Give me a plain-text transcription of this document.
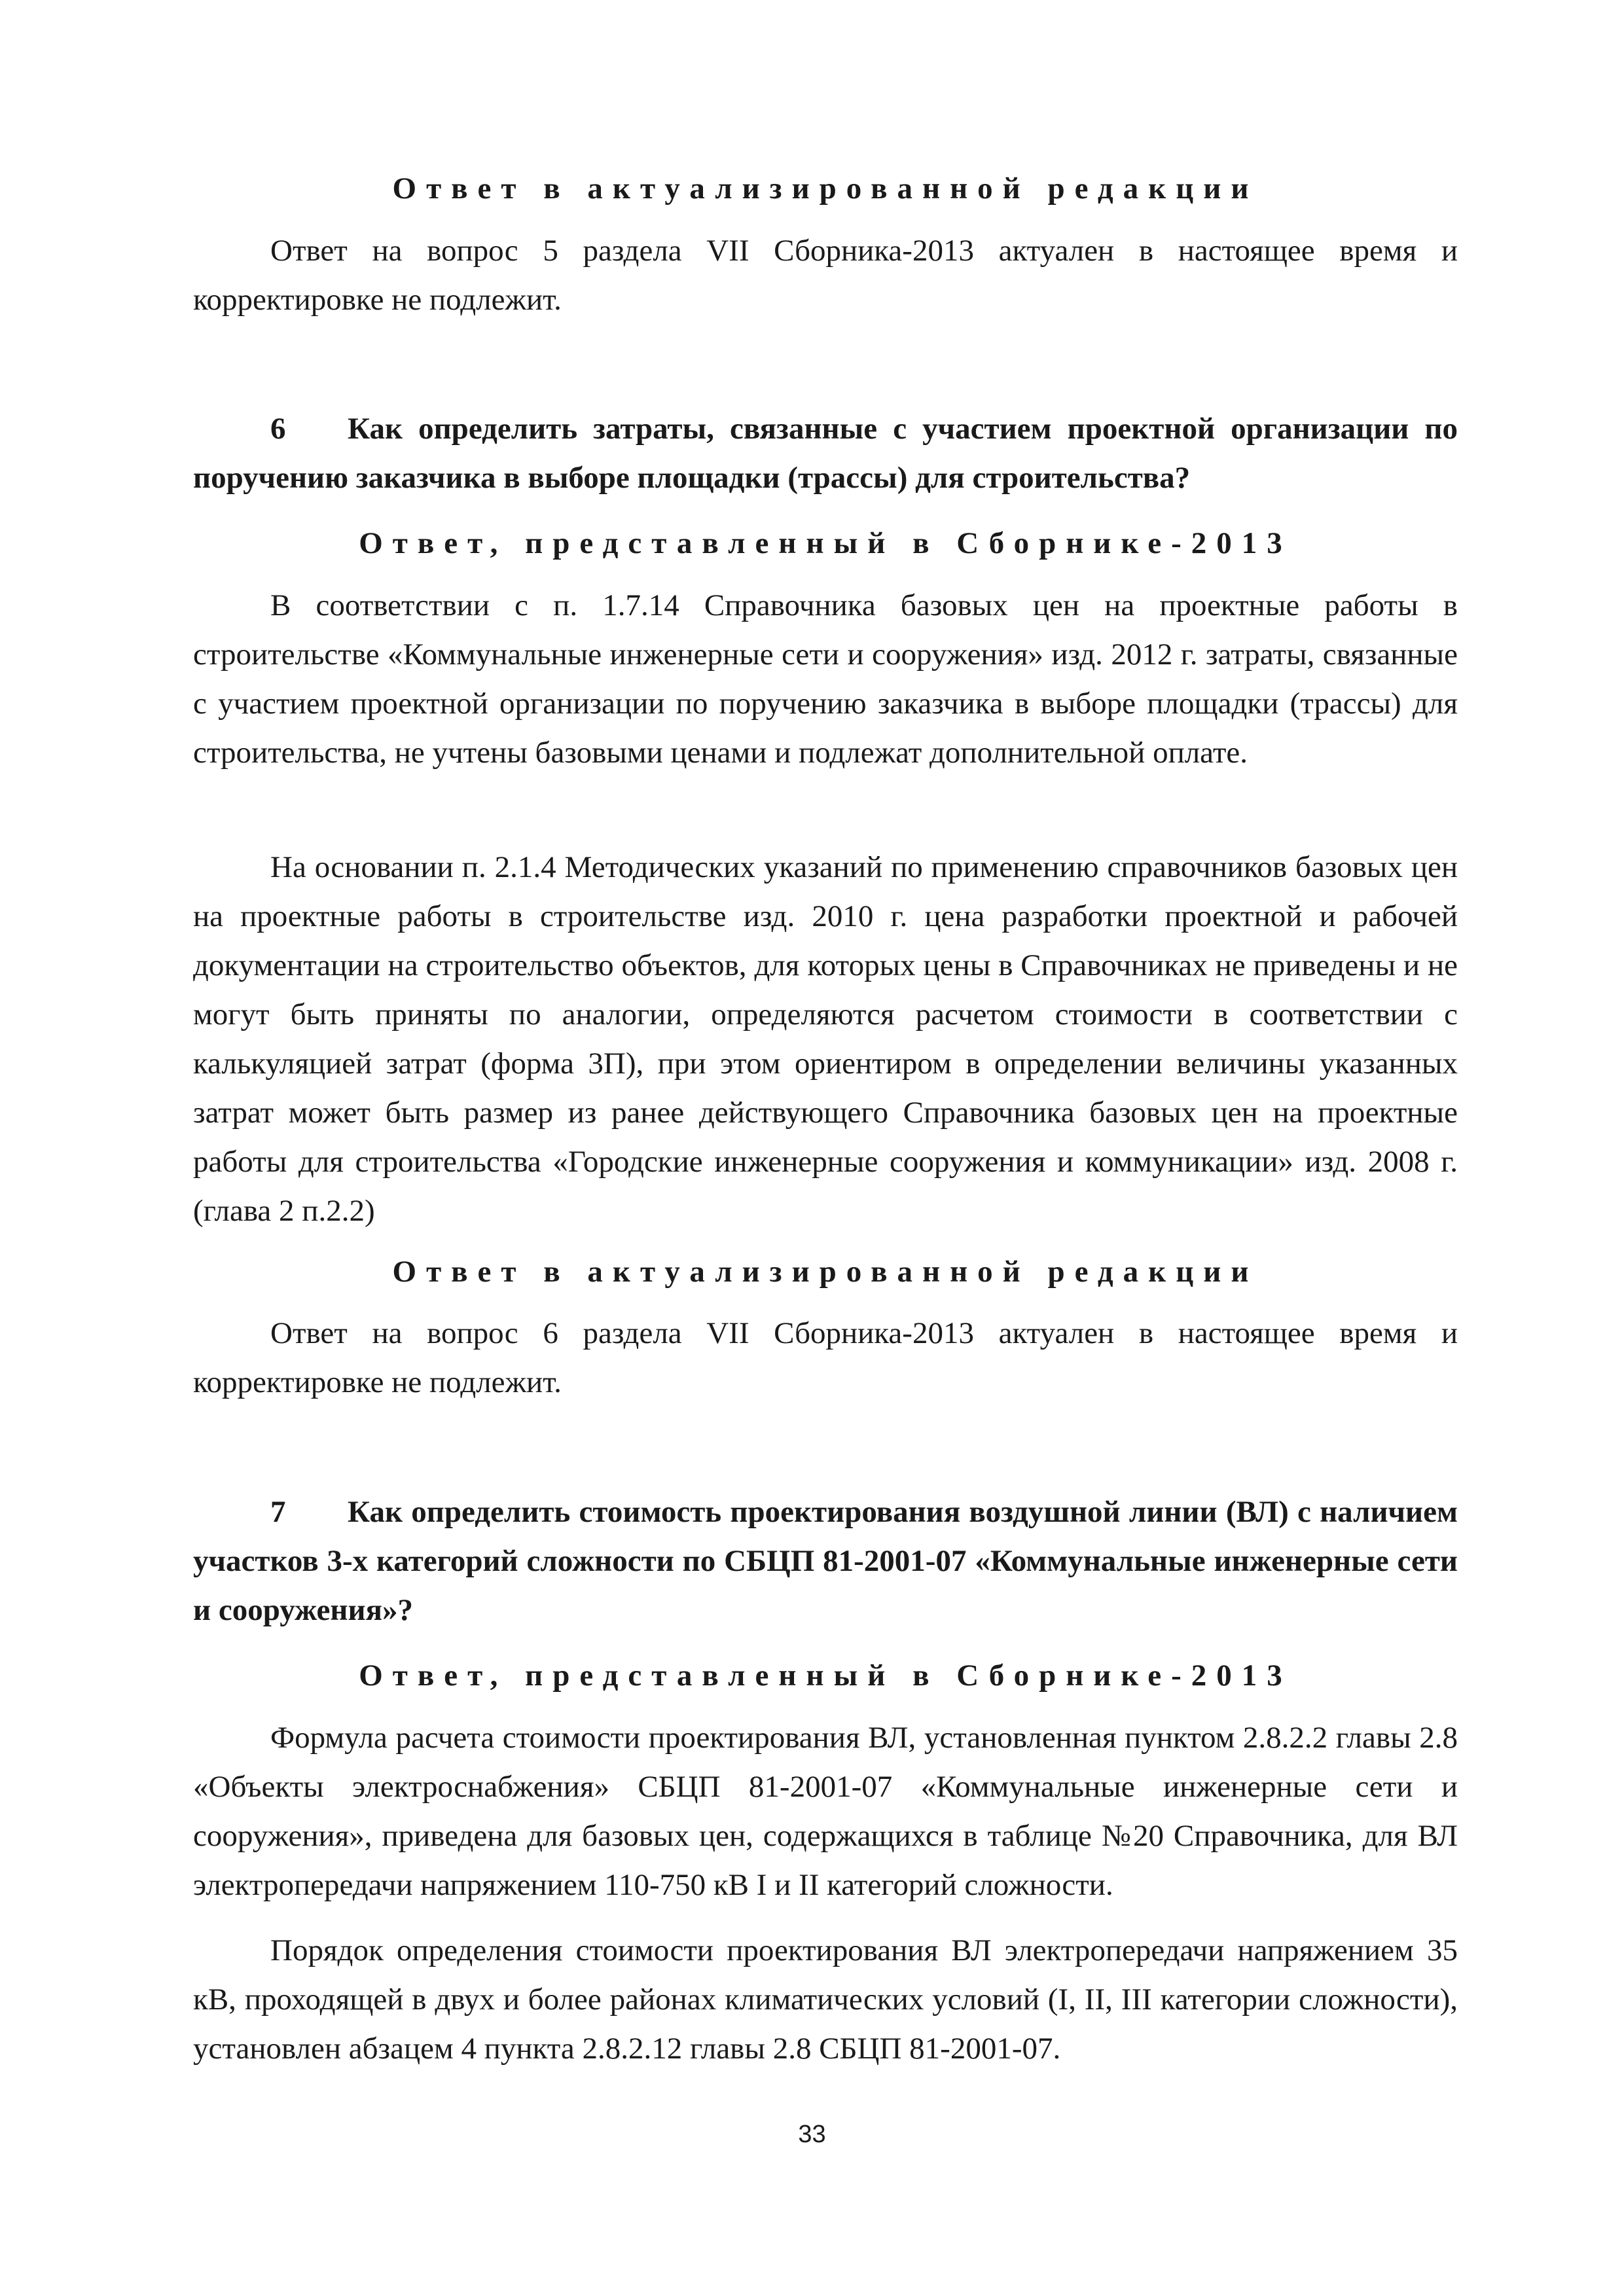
Ответ в актуализированной редакции

Ответ на вопрос 5 раздела VII Сборника-2013 актуален в настоящее время и корректировке не подлежит.

6 Как определить затраты, связанные с участием проектной организации по поручению заказчика в выборе площадки (трассы) для строительства?

Ответ, представленный в Сборнике-2013

В соответствии с п. 1.7.14 Справочника базовых цен на проектные работы в строительстве «Коммунальные инженерные сети и сооружения» изд. 2012 г. затраты, связанные с участием проектной организации по поручению заказчика в выборе площадки (трассы) для строительства, не учтены базовыми ценами и подлежат дополнительной оплате.

На основании п. 2.1.4 Методических указаний по применению справочников базовых цен на проектные работы в строительстве изд. 2010 г. цена разработки проектной и рабочей документации на строительство объектов, для которых цены в Справочниках не приведены и не могут быть приняты по аналогии, определяются расчетом стоимости в соответствии с калькуляцией затрат (форма 3П), при этом ориентиром в определении величины указанных затрат может быть размер из ранее действующего Справочника базовых цен на проектные работы для строительства «Городские инженерные сооружения и коммуникации» изд. 2008 г. (глава 2 п.2.2)

Ответ в актуализированной редакции

Ответ на вопрос 6 раздела VII Сборника-2013 актуален в настоящее время и корректировке не подлежит.

7 Как определить стоимость проектирования воздушной линии (ВЛ) с наличием участков 3-х категорий сложности по СБЦП 81-2001-07 «Коммунальные инженерные сети и сооружения»?

Ответ, представленный в Сборнике-2013

Формула расчета стоимости проектирования ВЛ, установленная пунктом 2.8.2.2 главы 2.8 «Объекты электроснабжения» СБЦП 81-2001-07 «Коммунальные инженерные сети и сооружения», приведена для базовых цен, содержащихся в таблице №20 Справочника, для ВЛ электропередачи напряжением 110-750 кВ I и II категорий сложности.

Порядок определения стоимости проектирования ВЛ электропередачи напряжением 35 кВ, проходящей в двух и более районах климатических условий (I, II, III категории сложности), установлен абзацем 4 пункта 2.8.2.12 главы 2.8 СБЦП 81-2001-07.

33
